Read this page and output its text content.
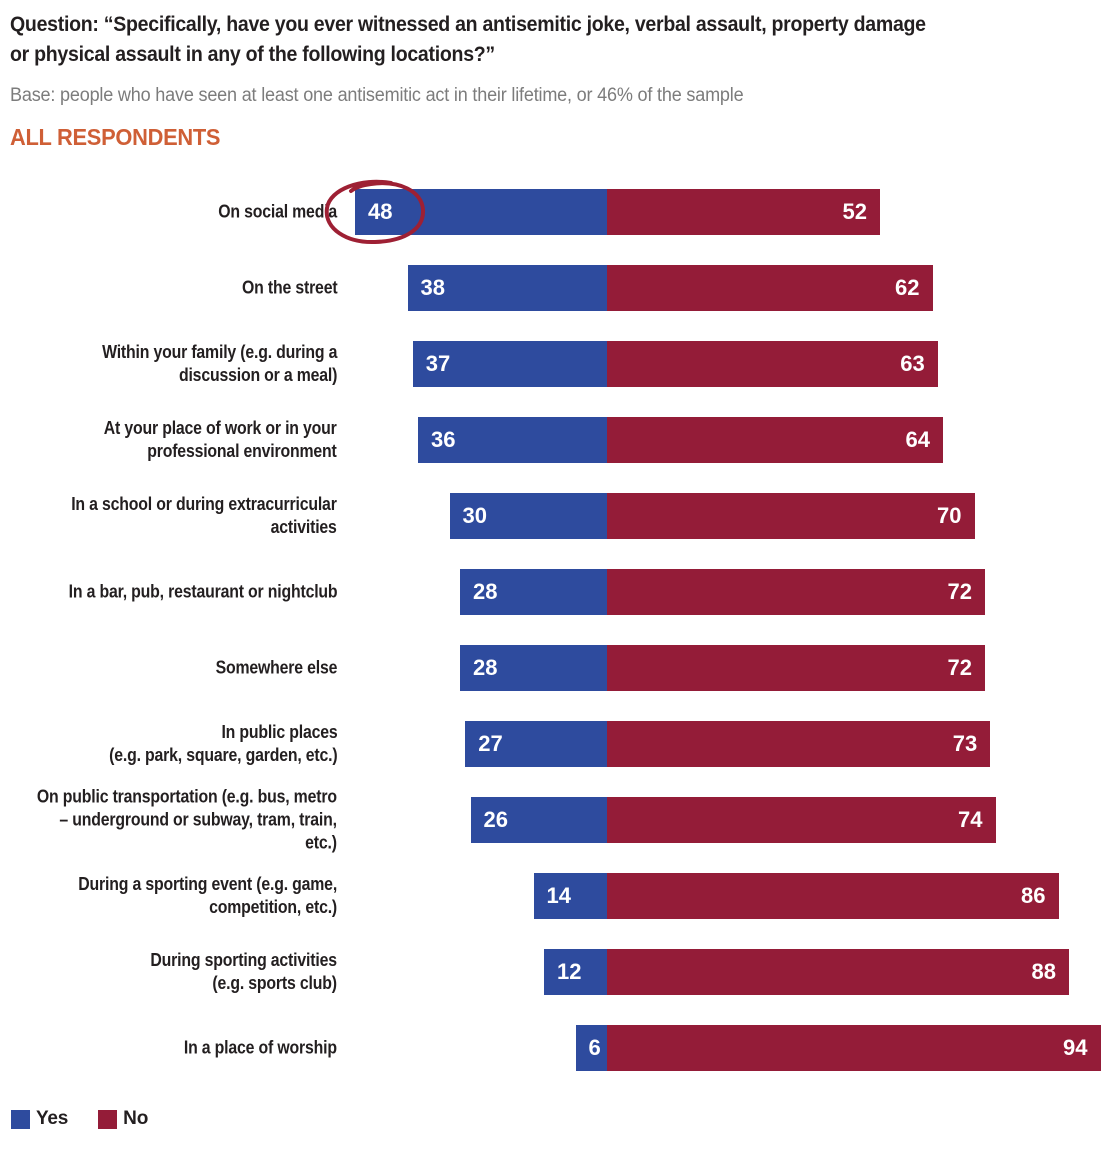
Question: “Specifically, have you ever witnessed an antisemitic joke, verbal assault, property damage
or physical assault in any of the following locations?”
Base: people who have seen at least one antisemitic act in their lifetime, or 46% of the sample
ALL RESPONDENTS
On social media 48	52
On the street	38	62
Within your family (e.g. during a
discussion or a meal)	37	63
At your place of work or in your
professional environment	36	64
In a school or during extracurricular
activities	30	70
In a bar, pub, restaurant or nightclub	28	72
Somewhere else	28	72
In public places
(e.g. park, square, garden, etc.)	27	73
On public transportation (e.g. bus, metro
– underground or subway, tram, train,
etc.)
26	74
During a sporting event (e.g. game,
competition, etc.)	14	86
During sporting activities
(e.g. sports club)	12	88
In a place of worship	6	94
Yes	No
